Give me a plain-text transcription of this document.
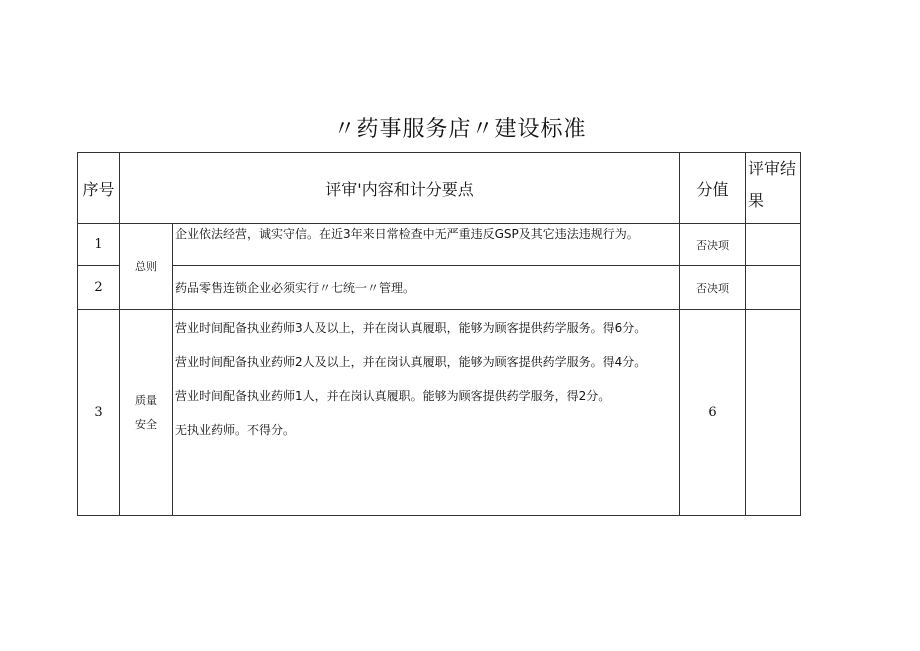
〃药事服务店〃建设标准
序号	评审'内容和计分要点		分值	评审结果
1	总则	企业依法经营，诚实守信。在近3年来日常检查中无严重违反GSP及其它违法违规行为。	否决项	
2		药品零售连锁企业必须实行〃七统一〃管理。	否决项	
3	质量安全	营业时间配备执业药师3人及以上，并在岗认真履职，能够为顾客提供药学服务。得6分。
营业时间配备执业药师2人及以上，并在岗认真履职，能够为顾客提供药学服务。得4分。
营业时间配备执业药师1人，并在岗认真履职。能够为顾客提供药学服务，得2分。
无执业药师。不得分。	6	
